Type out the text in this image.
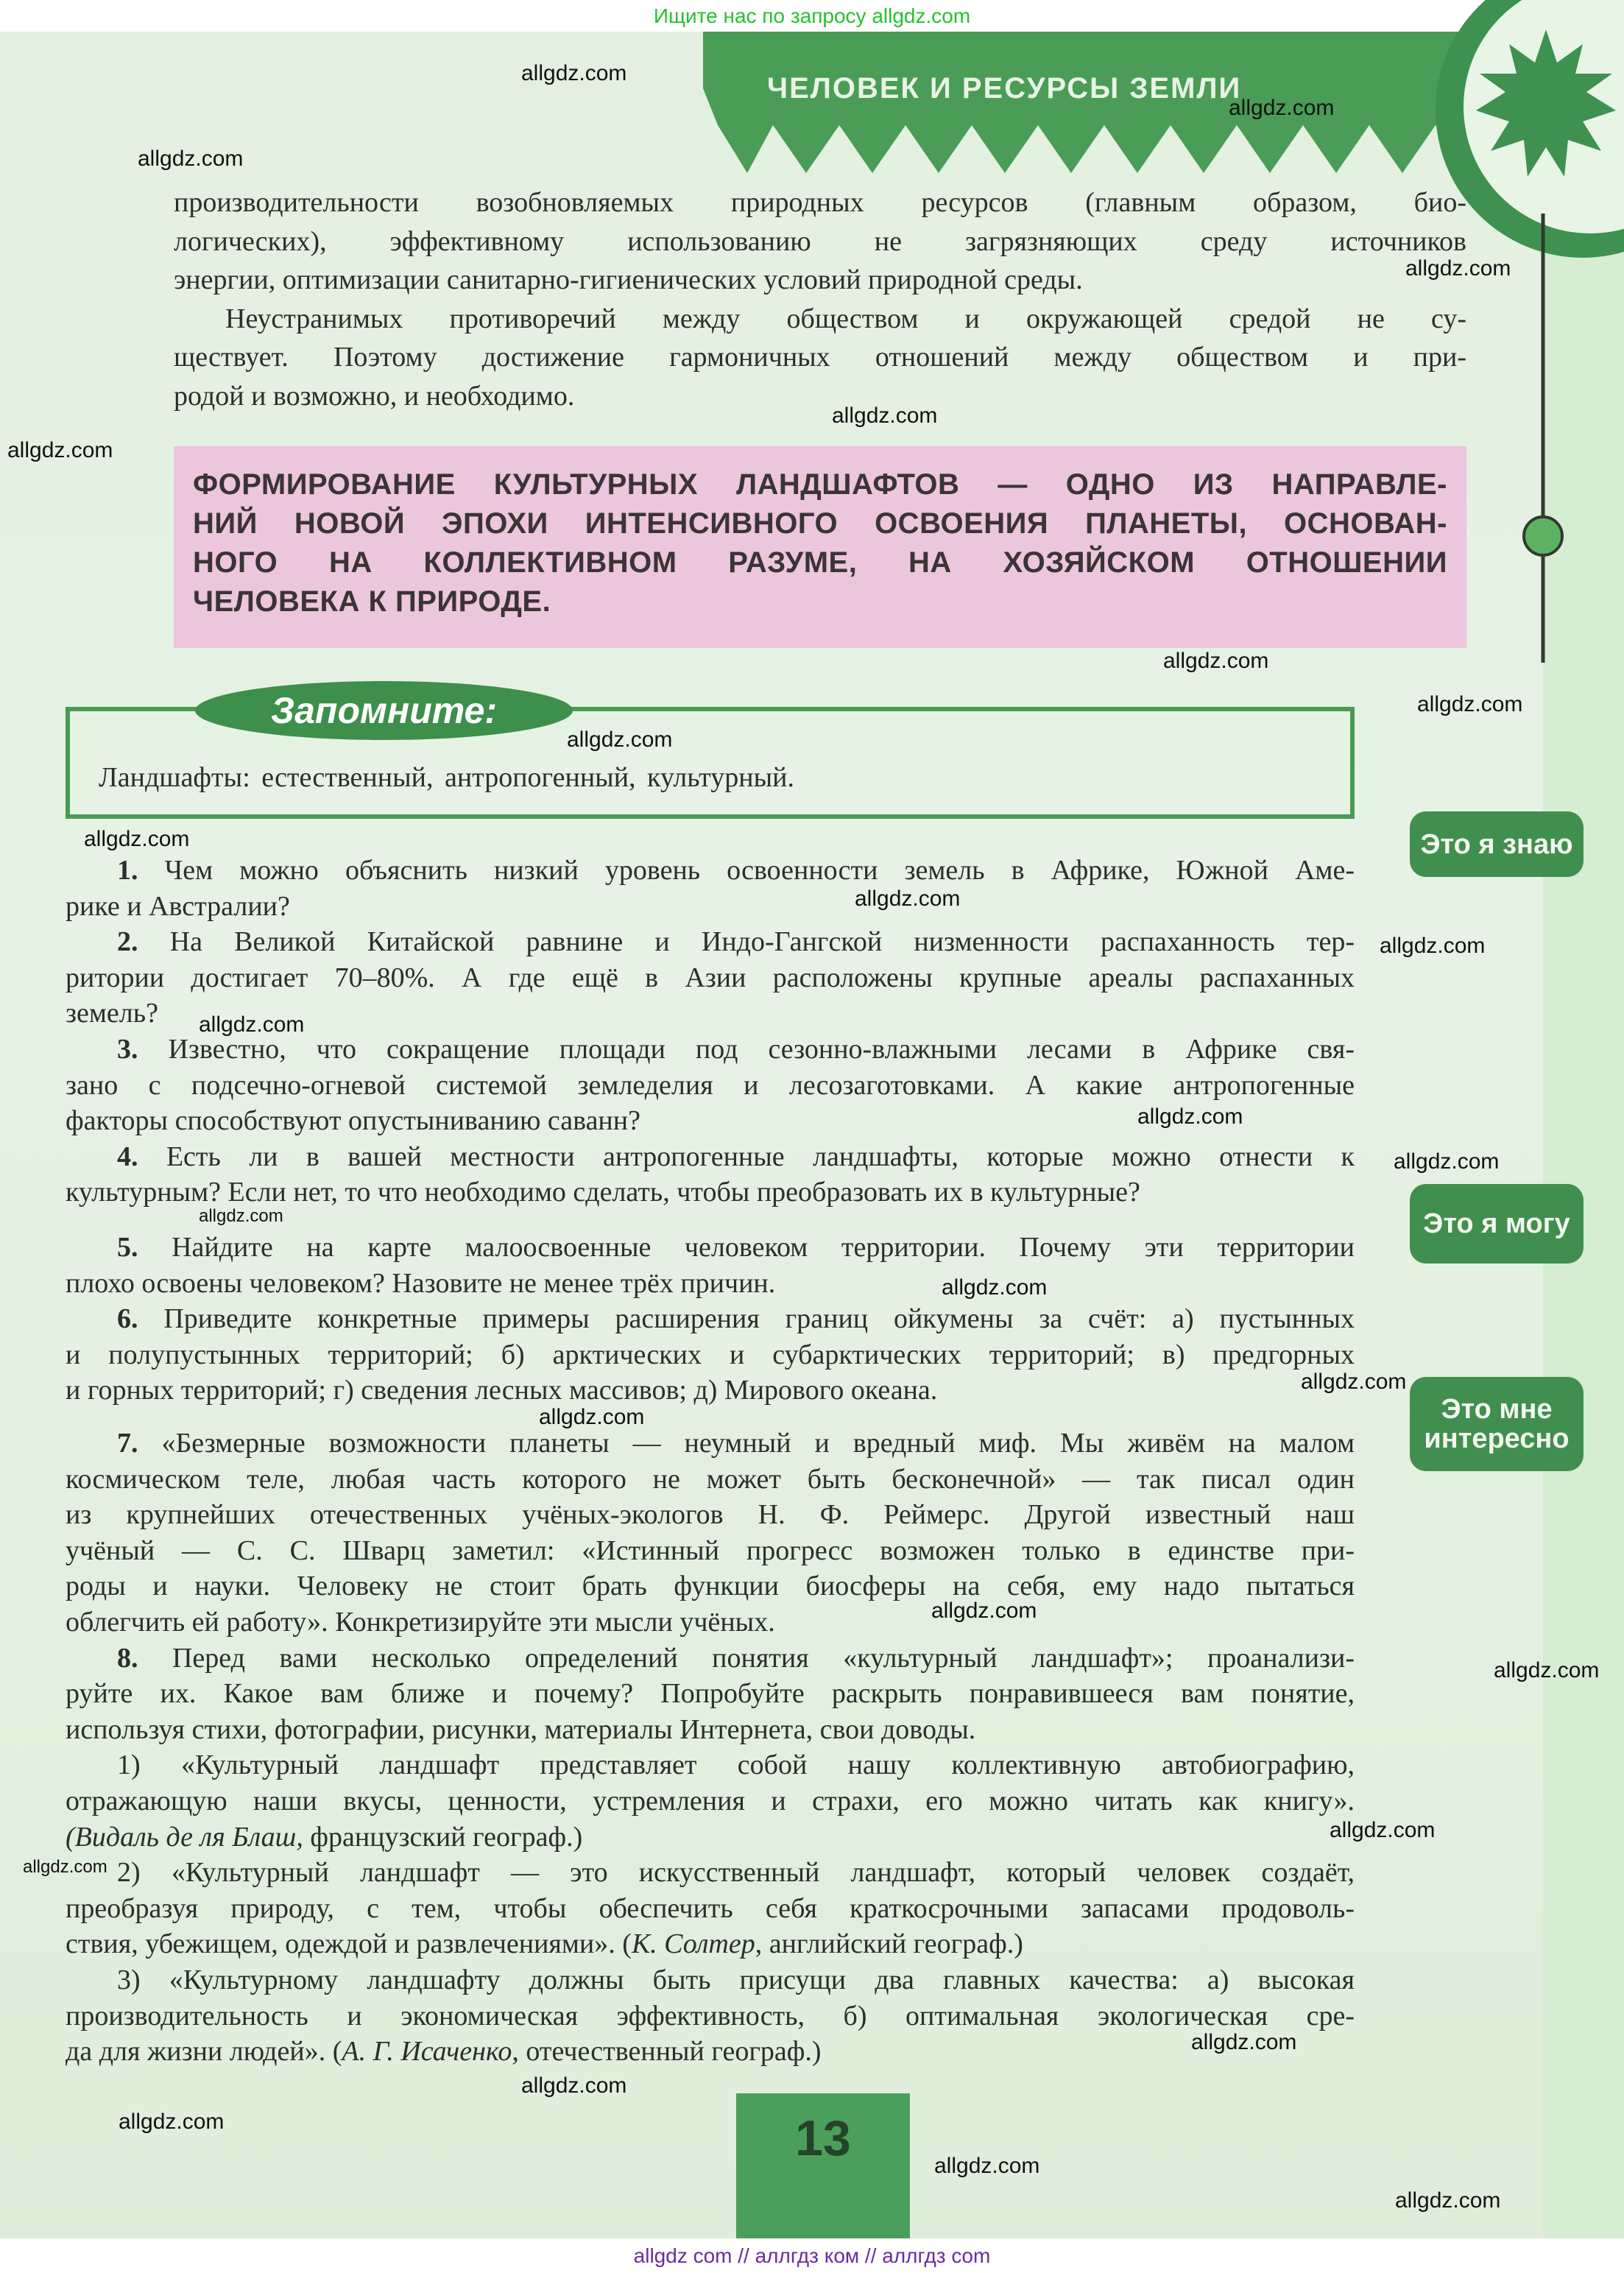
Ищите нас по запросу allgdz.com
ЧЕЛОВЕК И РЕСУРСЫ ЗЕМЛИ
производительности возобновляемых природных ресурсов (главным образом, био-
логических), эффективному использованию не загрязняющих среду источников
энергии, оптимизации санитарно-гигиенических условий природной среды.
Неустранимых противоречий между обществом и окружающей средой не су-
ществует. Поэтому достижение гармоничных отношений между обществом и при-
родой и возможно, и необходимо.
ФОРМИРОВАНИЕ КУЛЬТУРНЫХ ЛАНДШАФТОВ — ОДНО ИЗ НАПРАВЛЕ-
НИЙ НОВОЙ ЭПОХИ ИНТЕНСИВНОГО ОСВОЕНИЯ ПЛАНЕТЫ, ОСНОВАН-
НОГО НА КОЛЛЕКТИВНОМ РАЗУМЕ, НА ХОЗЯЙСКОМ ОТНОШЕНИИ
ЧЕЛОВЕКА К ПРИРОДЕ.
Запомните:
Ландшафты: естественный, антропогенный, культурный.
Это я знаю
Это я могу
Это мне
интересно
1. Чем можно объяснить низкий уровень освоенности земель в Африке, Южной Аме-
рике и Австралии?
2. На Великой Китайской равнине и Индо-Гангской низменности распаханность тер-
ритории достигает 70–80%. А где ещё в Азии расположены крупные ареалы распаханных
земель?
3. Известно, что сокращение площади под сезонно-влажными лесами в Африке свя-
зано с подсечно-огневой системой земледелия и лесозаготовками. А какие антропогенные
факторы способствуют опустыниванию саванн?
4. Есть ли в вашей местности антропогенные ландшафты, которые можно отнести к
культурным? Если нет, то что необходимо сделать, чтобы преобразовать их в культурные?
5. Найдите на карте малоосвоенные человеком территории. Почему эти территории
плохо освоены человеком? Назовите не менее трёх причин.
6. Приведите конкретные примеры расширения границ ойкумены за счёт: а) пустынных
и полупустынных территорий; б) арктических и субарктических территорий; в) предгорных
и горных территорий; г) сведения лесных массивов; д) Мирового океана.
7. «Безмерные возможности планеты — неумный и вредный миф. Мы живём на малом
космическом теле, любая часть которого не может быть бесконечной» — так писал один
из крупнейших отечественных учёных-экологов Н. Ф. Реймерс. Другой известный наш
учёный — С. С. Шварц заметил: «Истинный прогресс возможен только в единстве при-
роды и науки. Человеку не стоит брать функции биосферы на себя, ему надо пытаться
облегчить ей работу». Конкретизируйте эти мысли учёных.
8. Перед вами несколько определений понятия «культурный ландшафт»; проанализи-
руйте их. Какое вам ближе и почему? Попробуйте раскрыть понравившееся вам понятие,
используя стихи, фотографии, рисунки, материалы Интернета, свои доводы.
1) «Культурный ландшафт представляет собой нашу коллективную автобиографию,
отражающую наши вкусы, ценности, устремления и страхи, его можно читать как книгу».
(Видаль де ля Блаш, французский географ.)
2) «Культурный ландшафт — это искусственный ландшафт, который человек создаёт,
преобразуя природу, с тем, чтобы обеспечить себя краткосрочными запасами продоволь-
ствия, убежищем, одеждой и развлечениями». (К. Солтер, английский географ.)
3) «Культурному ландшафту должны быть присущи два главных качества: а) высокая
производительность и экономическая эффективность, б) оптимальная экологическая сре-
да для жизни людей». (А. Г. Исаченко, отечественный географ.)
13
allgdz.com
allgdz.com
allgdz.com
allgdz.com
allgdz.com
allgdz.com
allgdz.com
allgdz.com
allgdz.com
allgdz.com
allgdz.com
allgdz.com
allgdz.com
allgdz.com
allgdz.com
allgdz.com
allgdz.com
allgdz.com
allgdz.com
allgdz.com
allgdz.com
allgdz.com
allgdz.com
allgdz.com
allgdz.com
allgdz.com
allgdz.com
allgdz.com
allgdz com // аллгдз ком // аллгдз com
